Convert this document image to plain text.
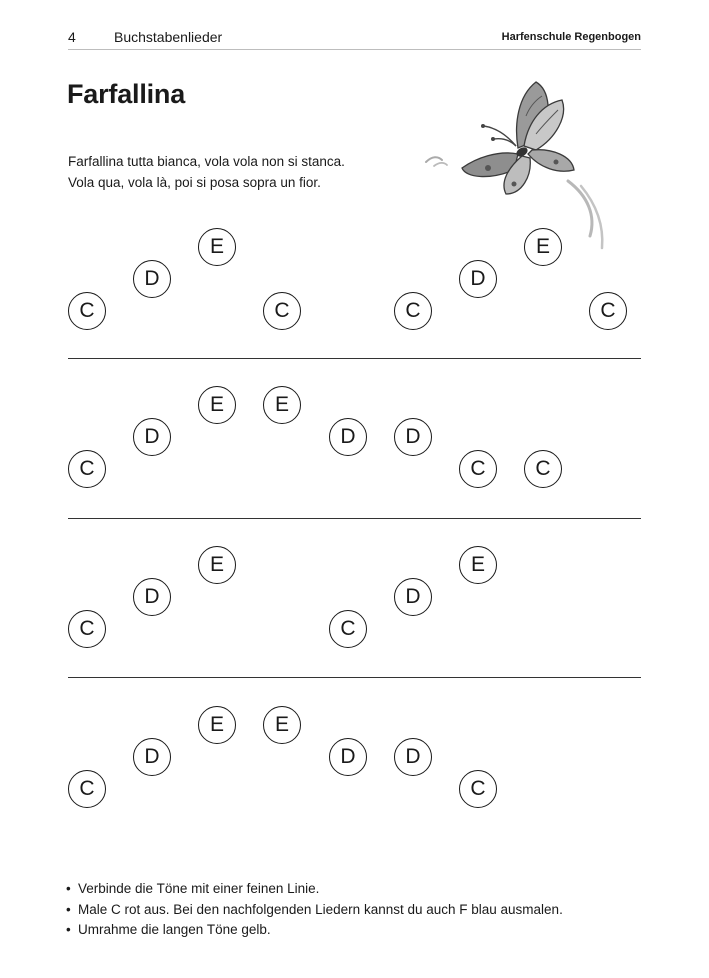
4	Buchstabenlieder	Harfenschule Regenbogen
Farfallina
Farfallina tutta bianca, vola vola non si stanca.
Vola qua, vola là, poi si posa sopra un fior.
C
D
E
C	C
D
E
C
C
D
E	E
D	D
C	C
C
D
E
C
D
E
C
D
E	E
D	D
C
• Verbinde die Töne mit einer feinen Linie.
• Male C rot aus. Bei den nachfolgenden Liedern kannst du auch F blau ausmalen.
• Umrahme die langen Töne gelb.
